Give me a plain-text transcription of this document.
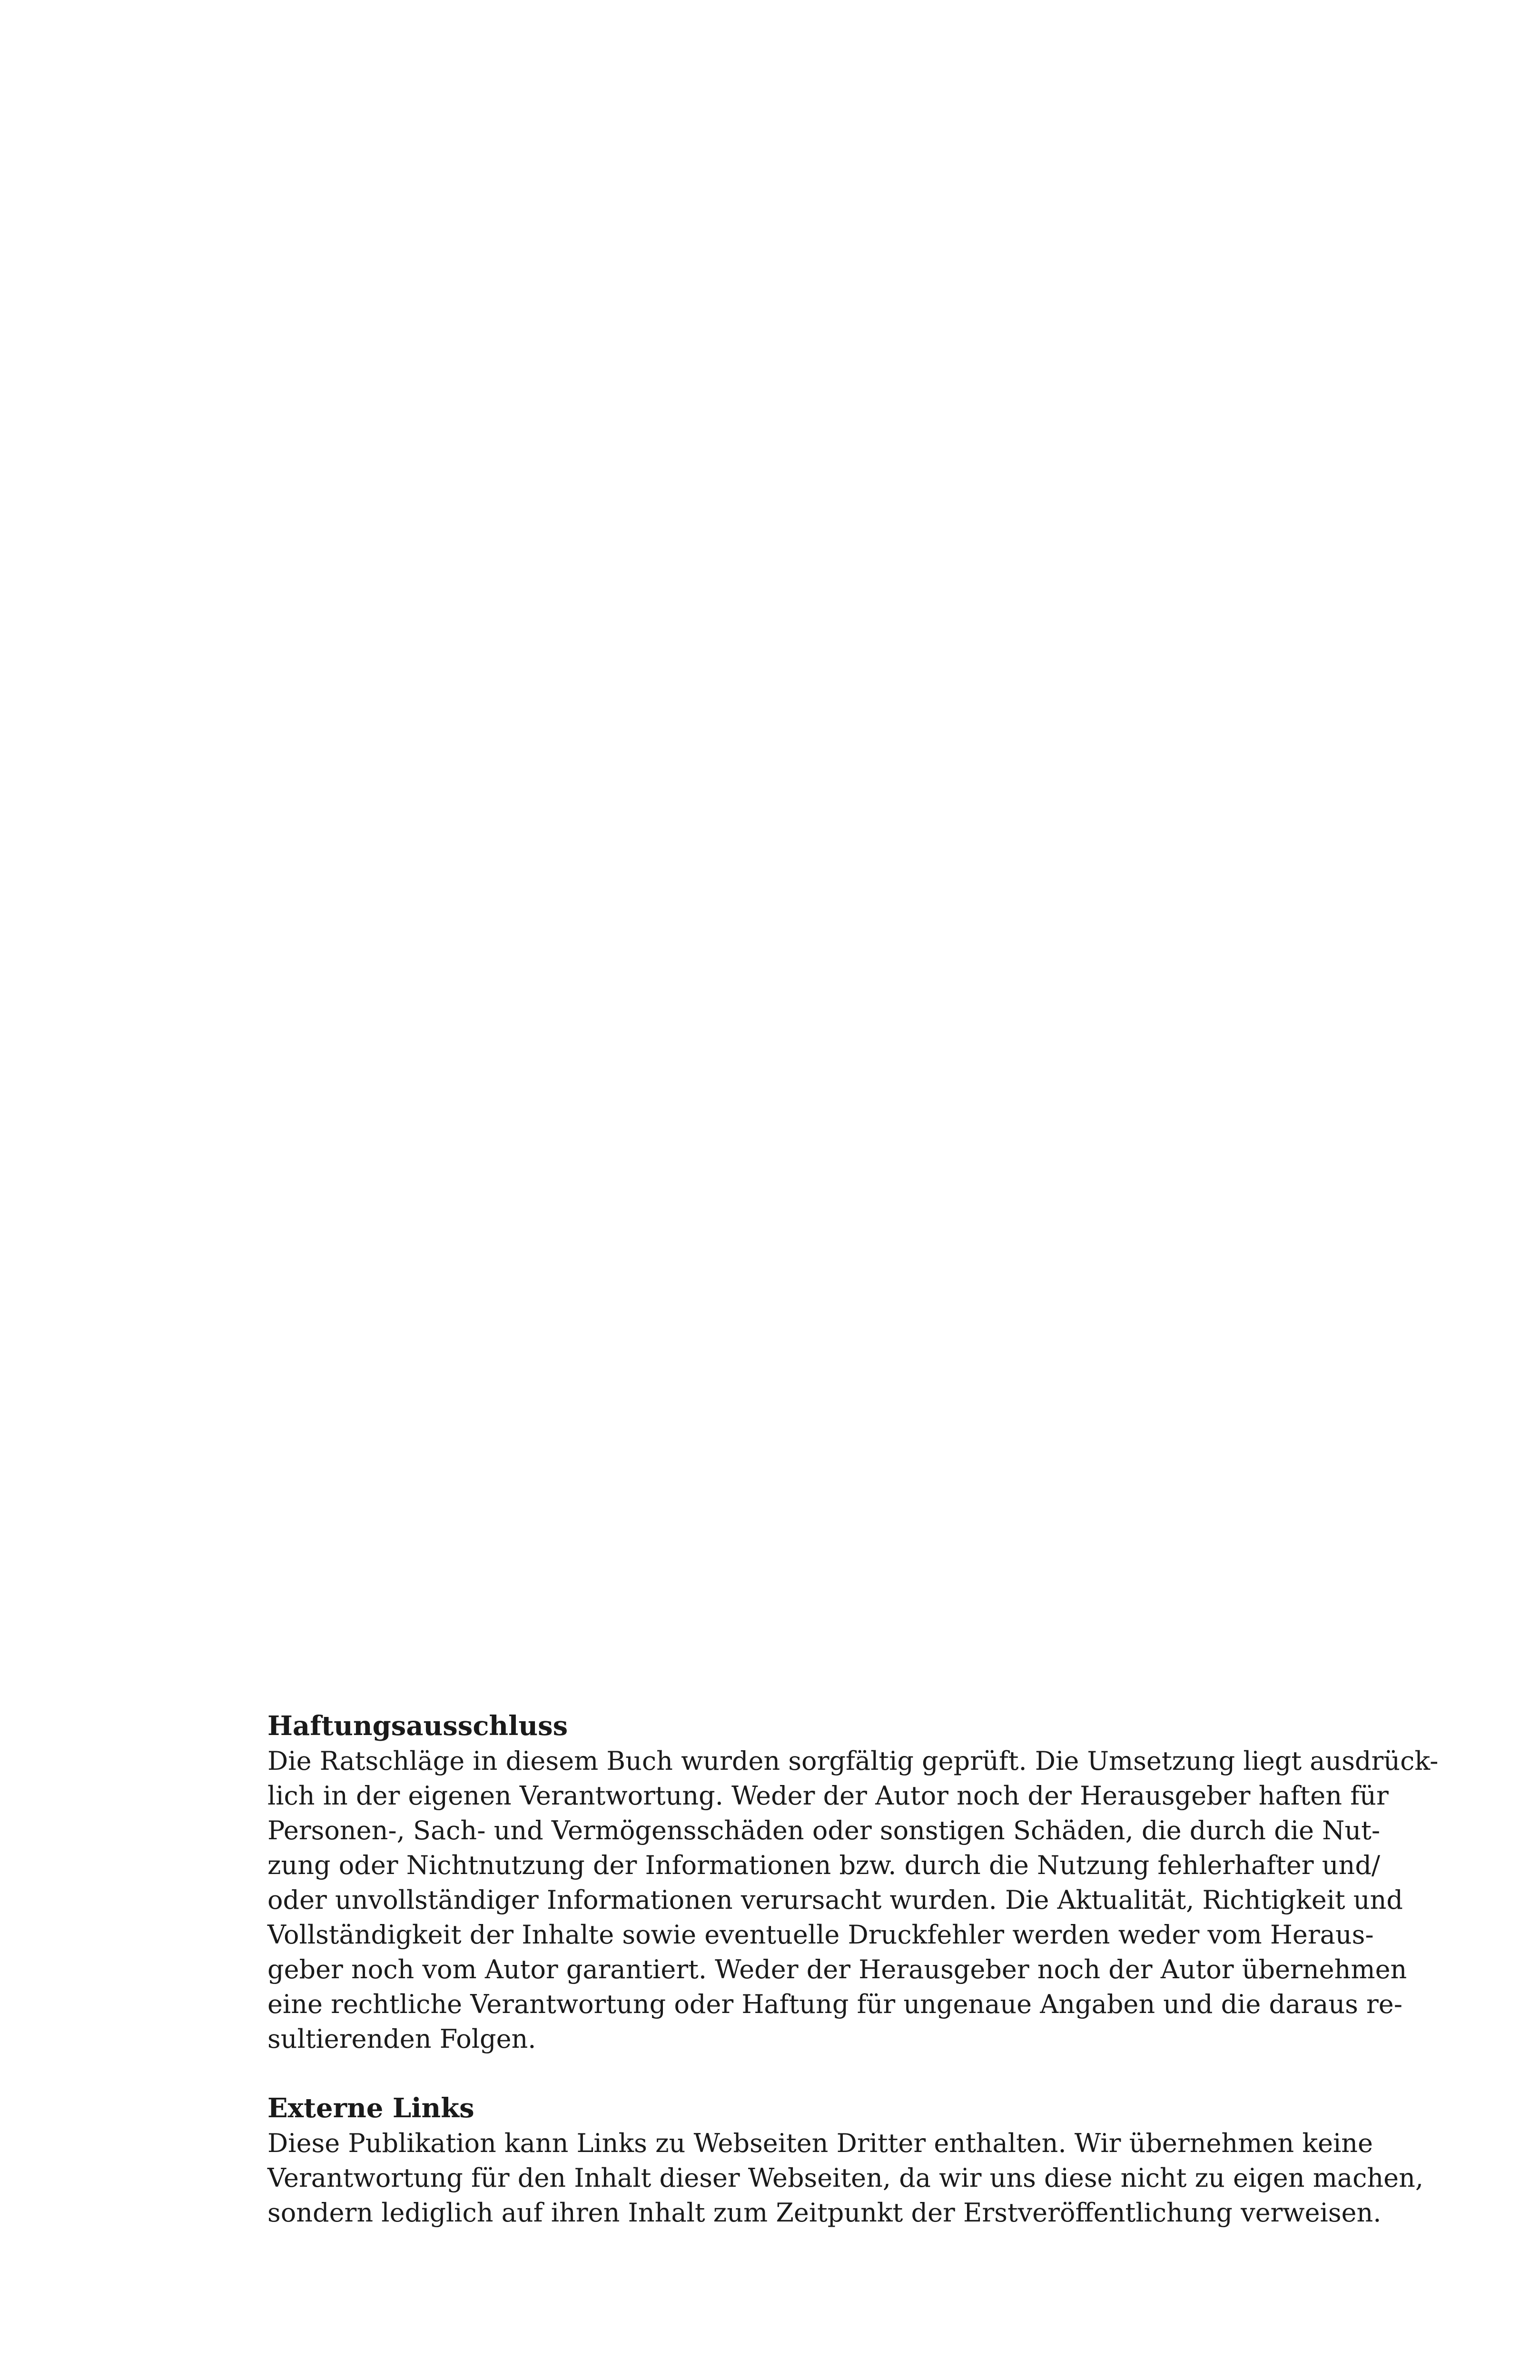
Haftungsausschluss
Die Ratschläge in diesem Buch wurden sorgfältig geprüft. Die Umsetzung liegt ausdrück-
lich in der eigenen Verantwortung. Weder der Autor noch der Herausgeber haften für
Personen-, Sach- und Vermögensschäden oder sonstigen Schäden, die durch die Nut-
zung oder Nichtnutzung der Informationen bzw. durch die Nutzung fehlerhafter und/
oder unvollständiger Informationen verursacht wurden. Die Aktualität, Richtigkeit und
Vollständigkeit der Inhalte sowie eventuelle Druckfehler werden weder vom Heraus-
geber noch vom Autor garantiert. Weder der Herausgeber noch der Autor übernehmen
eine rechtliche Verantwortung oder Haftung für ungenaue Angaben und die daraus re-
sultierenden Folgen.
Externe Links
Diese Publikation kann Links zu Webseiten Dritter enthalten. Wir übernehmen keine
Verantwortung für den Inhalt dieser Webseiten, da wir uns diese nicht zu eigen machen,
sondern lediglich auf ihren Inhalt zum Zeitpunkt der Erstveröffentlichung verweisen.
